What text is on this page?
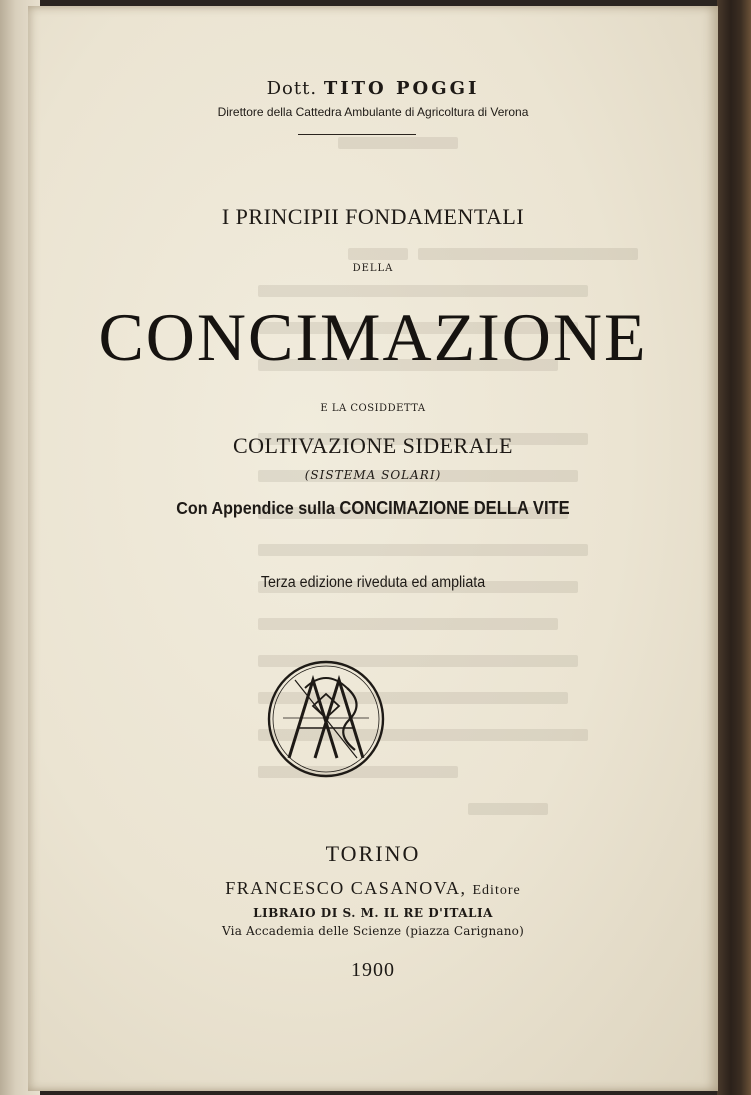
Dott. TITO POGGI
Direttore della Cattedra Ambulante di Agricoltura di Verona
I PRINCIPII FONDAMENTALI
DELLA
CONCIMAZIONE
E LA COSIDDETTA
COLTIVAZIONE SIDERALE
(SISTEMA SOLARI)
Con Appendice sulla CONCIMAZIONE DELLA VITE
Terza edizione riveduta ed ampliata
TORINO
FRANCESCO CASANOVA, Editore
LIBRAIO DI S. M. IL RE D'ITALIA
Via Accademia delle Scienze (piazza Carignano)
1900
